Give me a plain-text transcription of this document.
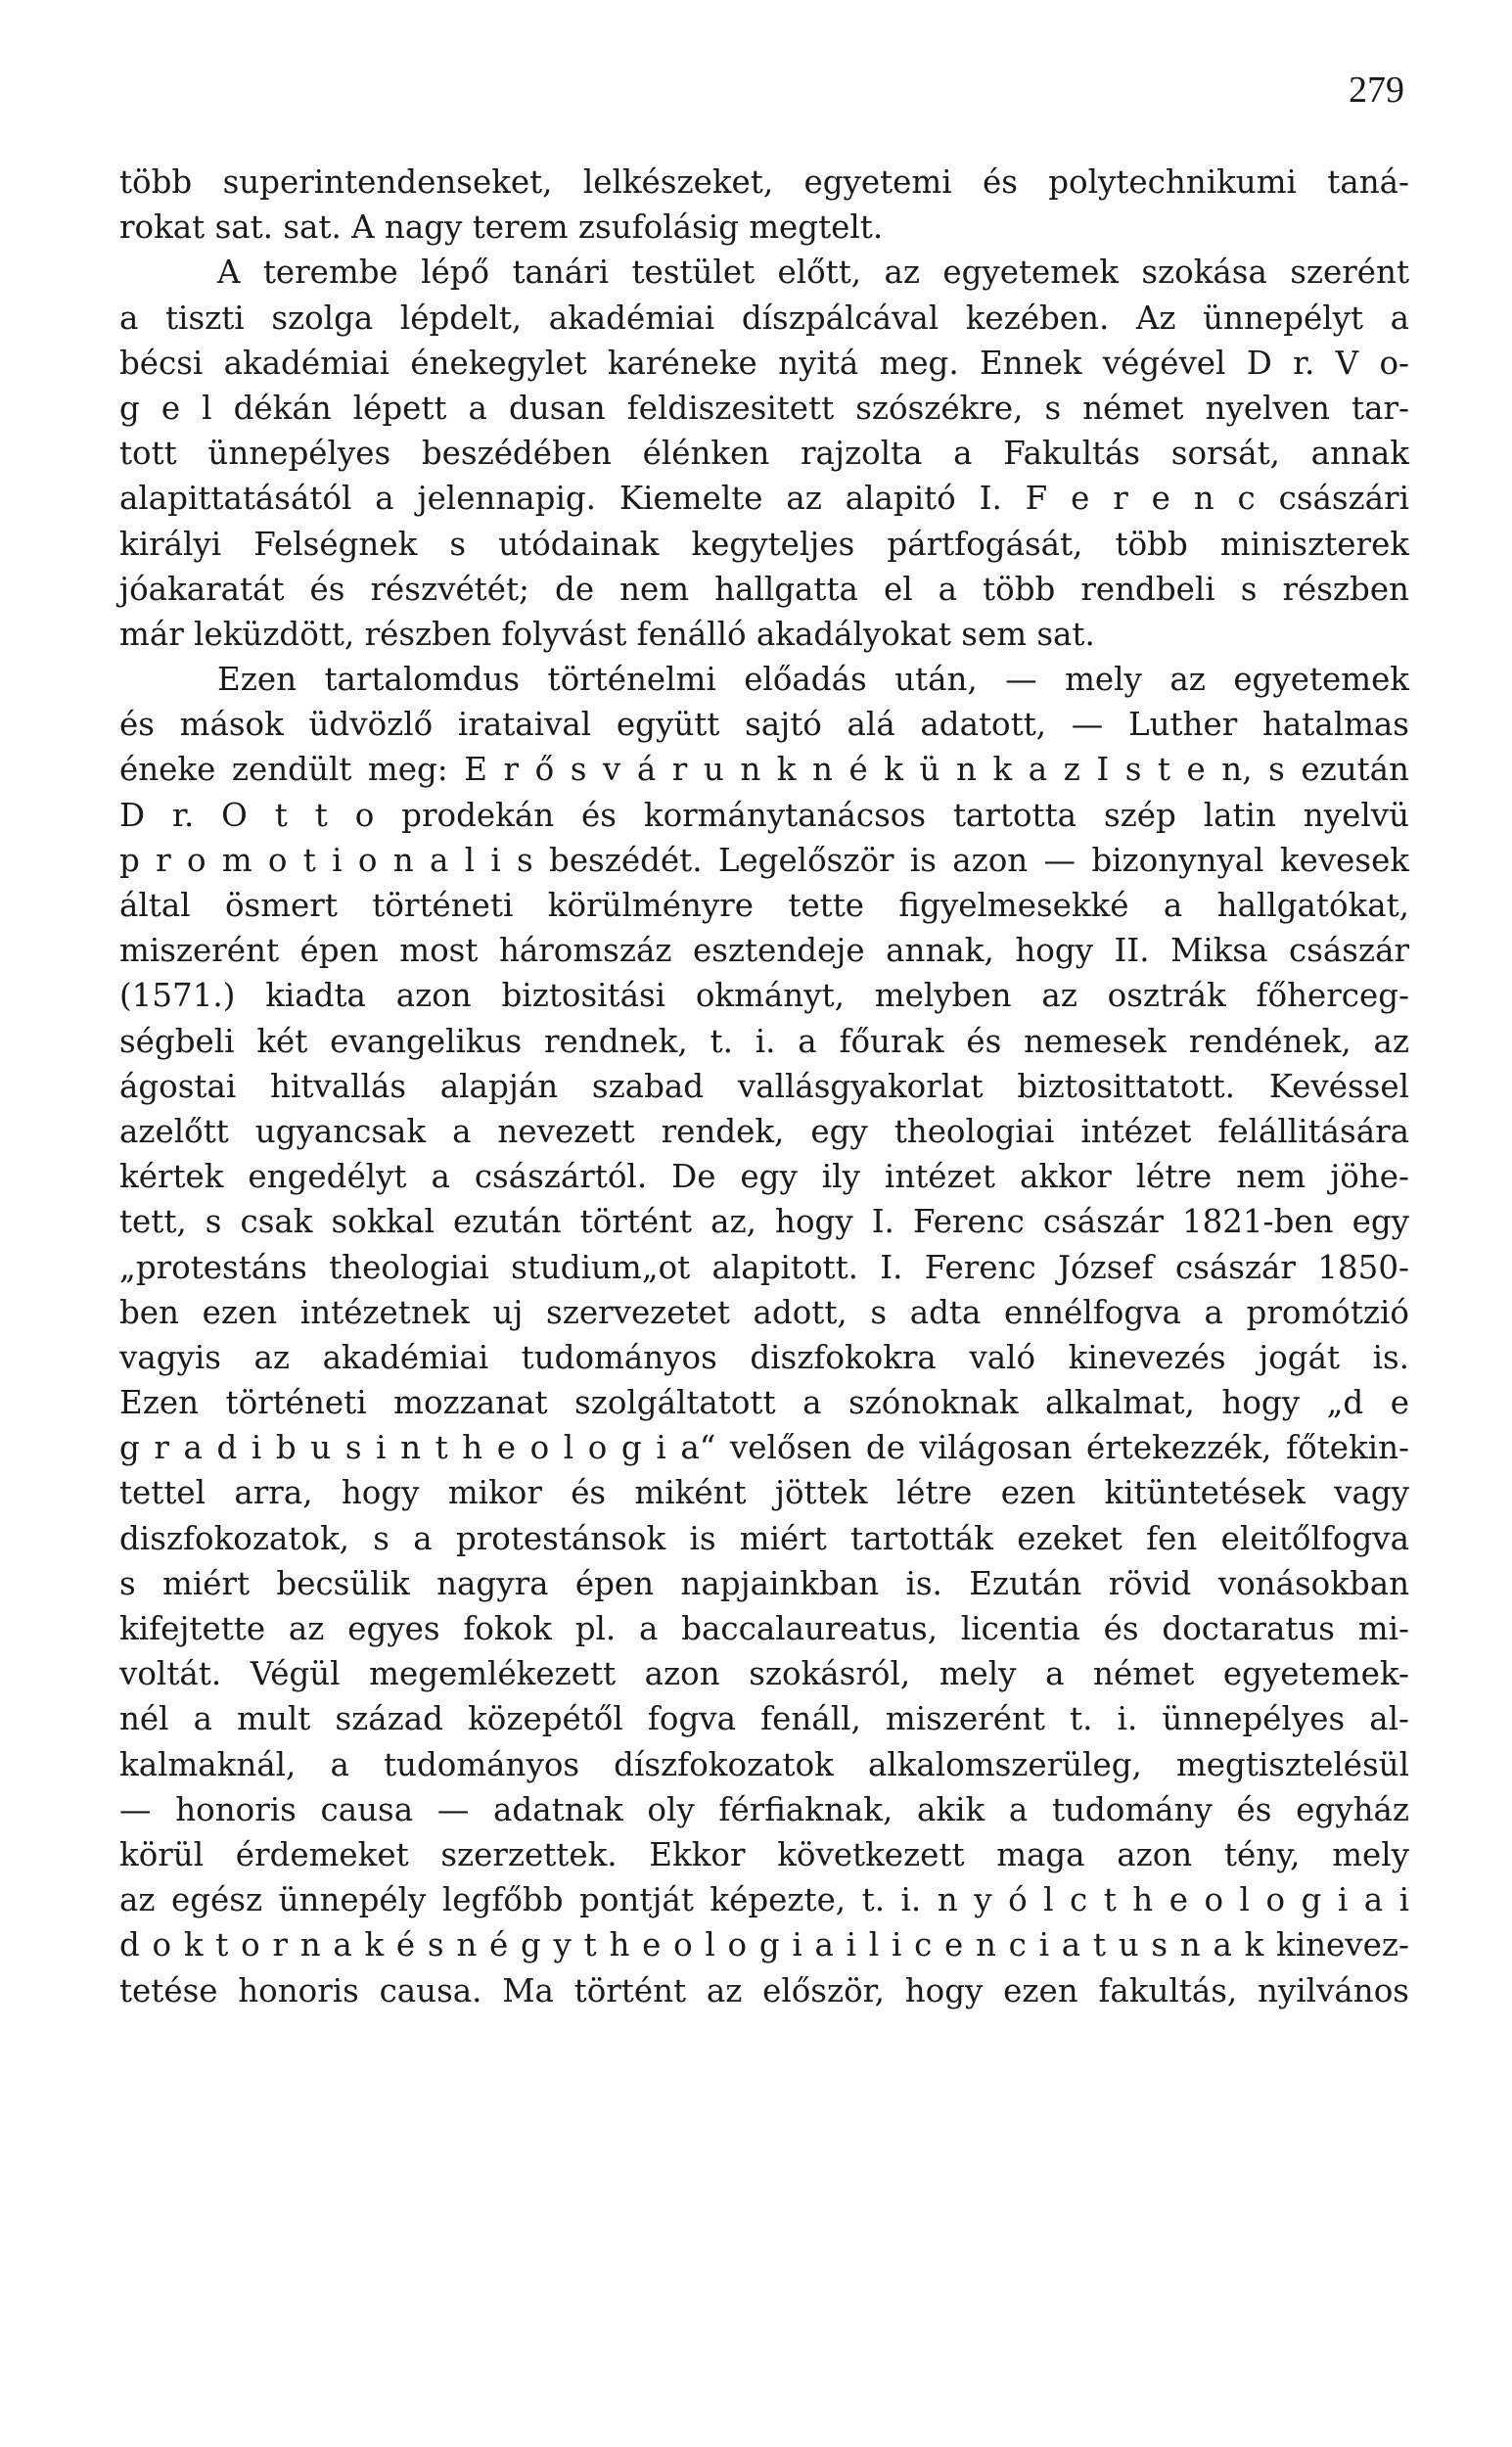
279
több superintendenseket, lelkészeket, egyetemi és polytechnikumi taná-
rokat sat. sat. A nagy terem zsufolásig megtelt.
A terembe lépő tanári testület előtt, az egyetemek szokása szerént
a tiszti szolga lépdelt, akadémiai díszpálcával kezében. Az ünnepélyt a
bécsi akadémiai énekegylet karéneke nyitá meg. Ennek végével D r. V o-
g e l dékán lépett a dusan feldiszesitett szószékre, s német nyelven tar-
tott ünnepélyes beszédében élénken rajzolta a Fakultás sorsát, annak
alapittatásától a jelennapig. Kiemelte az alapitó I. F e r e n c császári
királyi Felségnek s utódainak kegyteljes pártfogását, több miniszterek
jóakaratát és részvétét; de nem hallgatta el a több rendbeli s részben
már leküzdött, részben folyvást fenálló akadályokat sem sat.
Ezen tartalomdus történelmi előadás után, — mely az egyetemek
és mások üdvözlő irataival együtt sajtó alá adatott, — Luther hatalmas
éneke zendült meg: E r ő s v á r u n k n é k ü n k a z I s t e n, s ezután
D r. O t t o prodekán és kormánytanácsos tartotta szép latin nyelvü
p r o m o t i o n a l i s beszédét. Legelőször is azon — bizonynyal kevesek
által ösmert történeti körülményre tette figyelmesekké a hallgatókat,
miszerént épen most háromszáz esztendeje annak, hogy II. Miksa császár
(1571.) kiadta azon biztositási okmányt, melyben az osztrák főherceg-
ségbeli két evangelikus rendnek, t. i. a főurak és nemesek rendének, az
ágostai hitvallás alapján szabad vallásgyakorlat biztosittatott. Kevéssel
azelőtt ugyancsak a nevezett rendek, egy theologiai intézet felállitására
kértek engedélyt a császártól. De egy ily intézet akkor létre nem jöhe-
tett, s csak sokkal ezután történt az, hogy I. Ferenc császár 1821-ben egy
„protestáns theologiai studium„ot alapitott. I. Ferenc József császár 1850-
ben ezen intézetnek uj szervezetet adott, s adta ennélfogva a promótzió
vagyis az akadémiai tudományos diszfokokra való kinevezés jogát is.
Ezen történeti mozzanat szolgáltatott a szónoknak alkalmat, hogy „d e
g r a d i b u s i n t h e o l o g i a“ velősen de világosan értekezzék, főtekin-
tettel arra, hogy mikor és miként jöttek létre ezen kitüntetések vagy
diszfokozatok, s a protestánsok is miért tartották ezeket fen eleitőlfogva
s miért becsülik nagyra épen napjainkban is. Ezután rövid vonásokban
kifejtette az egyes fokok pl. a baccalaureatus, licentia és doctaratus mi-
voltát. Végül megemlékezett azon szokásról, mely a német egyetemek-
nél a mult század közepétől fogva fenáll, miszerént t. i. ünnepélyes al-
kalmaknál, a tudományos díszfokozatok alkalomszerüleg, megtisztelésül
— honoris causa — adatnak oly férfiaknak, akik a tudomány és egyház
körül érdemeket szerzettek. Ekkor következett maga azon tény, mely
az egész ünnepély legfőbb pontját képezte, t. i. n y ó l c t h e o l o g i a i
d o k t o r n a k é s n é g y t h e o l o g i a i l i c e n c i a t u s n a k kinevez-
tetése honoris causa. Ma történt az először, hogy ezen fakultás, nyilvános
